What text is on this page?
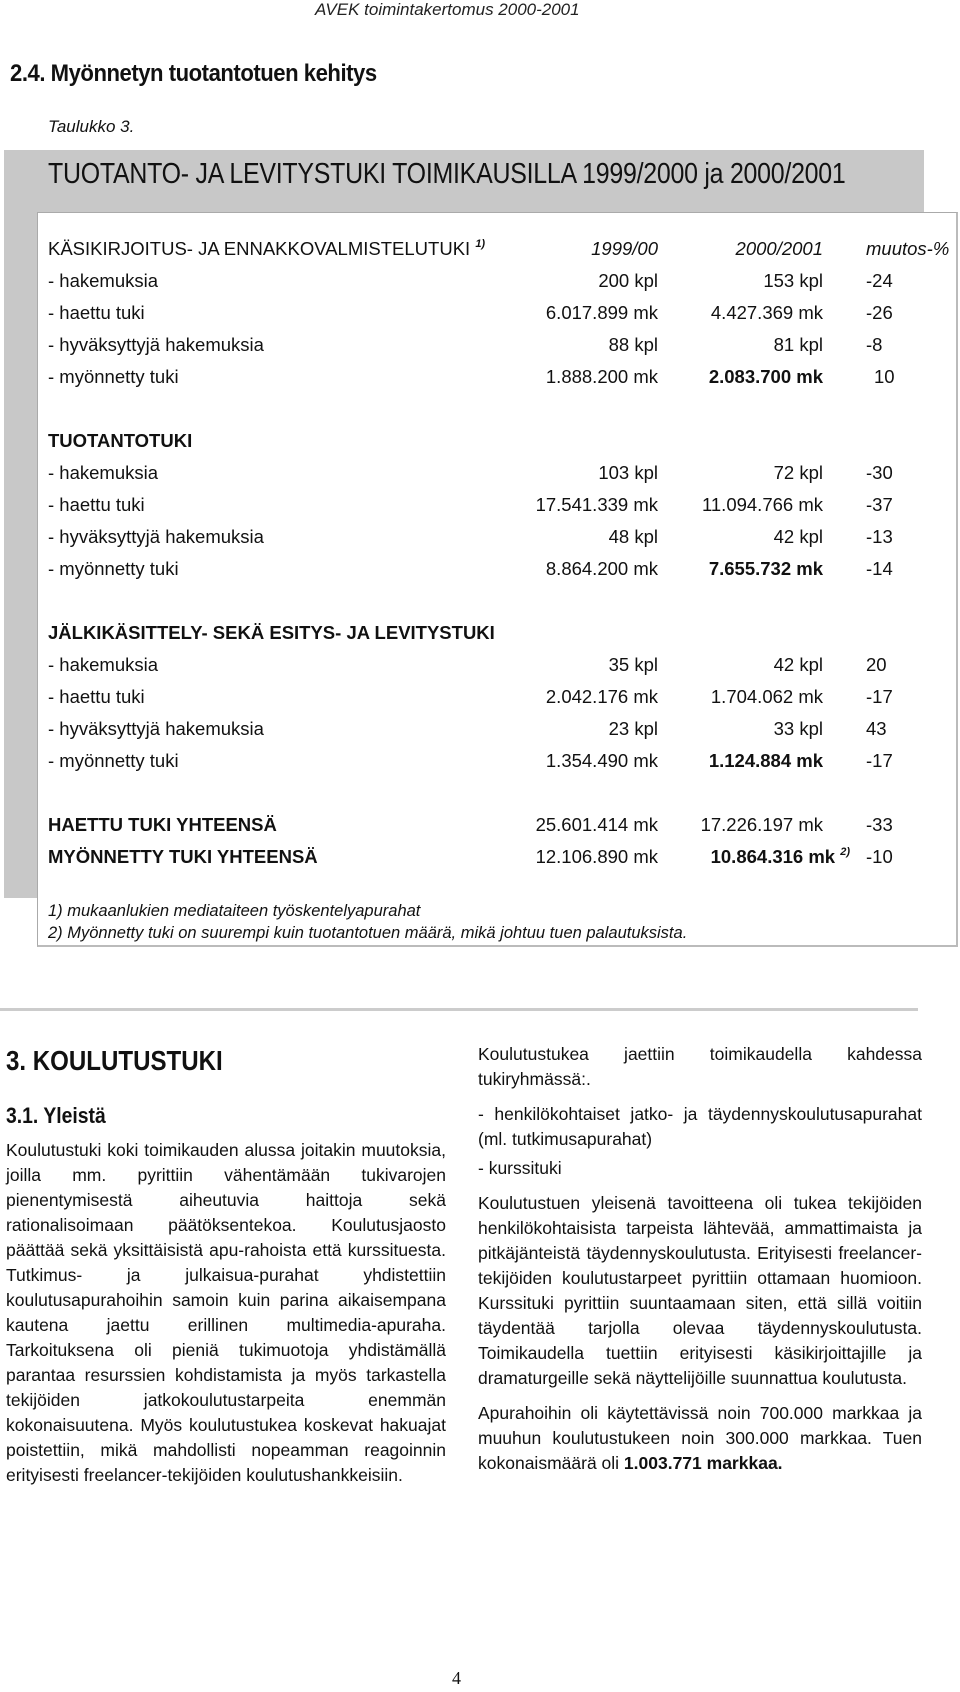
AVEK toimintakertomus 2000-2001
2.4. Myönnetyn tuotantotuen kehitys
Taulukko 3.
TUOTANTO- JA LEVITYSTUKI TOIMIKAUSILLA 1999/2000 ja 2000/2001
KÄSIKIRJOITUS- JA ENNAKKOVALMISTELUTUKI $^{1)}$	1999/00	2000/2001 muutos-%
- hakemuksia	200 kpl	153 kpl -24
- haettu tuki	6.017.899 mk	4.427.369 mk -26
- hyväksyttyjä hakemuksia	88 kpl	81 kpl -8
- myönnetty tuki	1.888.200 mk	2.083.700 mk	10
TUOTANTOTUKI
- hakemuksia	103 kpl	72 kpl -30
- haettu tuki	17.541.339 mk 11.094.766 mk -37
- hyväksyttyjä hakemuksia	48 kpl	42 kpl -13
- myönnetty tuki	8.864.200 mk	7.655.732 mk -14
JÄLKIKÄSITTELY- SEKÄ ESITYS- JA LEVITYSTUKI
- hakemuksia	35 kpl	42 kpl 20
- haettu tuki	2.042.176 mk	1.704.062 mk -17
- hyväksyttyjä hakemuksia	23 kpl	33 kpl 43
- myönnetty tuki	1.354.490 mk	1.124.884 mk -17
HAETTU TUKI YHTEENSÄ	25.601.414 mk 17.226.197 mk -33
MYÖNNETTY TUKI YHTEENSÄ	12.106.890 mk	10.864.316 mk $^{2)}$ -10
1) mukaanlukien mediataiteen työskentelyapurahat
2) Myönnetty tuki on suurempi kuin tuotantotuen määrä, mikä johtuu tuen palautuksista.
3. KOULUTUSTUKI
3.1. Yleistä

Koulutustuki koki toimikauden alussa joitakin muutoksia, joilla mm. pyrittiin vähentämään tukivarojen pienentymisestä aiheutuvia haittoja sekä rationalisoimaan päätöksentekoa. Koulutusjaosto päättää sekä yksittäisistä apu-rahoista että kurssituesta. Tutkimus- ja julkaisua-purahat yhdistettiin koulutusapurahoihin samoin kuin parina aikaisempana kautena jaettu erillinen multimedia-apuraha. Tarkoituksena oli pieniä tukimuotoja yhdistämällä parantaa resurssien kohdistamista ja myös tarkastella tekijöiden jatkokoulutustarpeita enemmän kokonaisuutena. Myös koulutustukea koskevat hakuajat poistettiin, mikä mahdollisti nopeamman reagoinnin erityisesti freelancer-tekijöiden koulutushankkeisiin.

Koulutustukea jaettiin toimikaudella kahdessa tukiryhmässä:.

- henkilökohtaiset jatko- ja täydennyskoulutusapurahat (ml. tutkimusapurahat)

- kurssituki

Koulutustuen yleisenä tavoitteena oli tukea tekijöiden henkilökohtaisista tarpeista lähtevää, ammattimaista ja pitkäjänteistä täydennyskoulutusta. Erityisesti freelancer-tekijöiden koulutustarpeet pyrittiin ottamaan huomioon. Kurssituki pyrittiin suuntaamaan siten, että sillä voitiin täydentää tarjolla olevaa täydennyskoulutusta. Toimikaudella tuettiin erityisesti käsikirjoittajille ja dramaturgeille sekä näyttelijöille suunnattua koulutusta.

Apurahoihin oli käytettävissä noin 700.000 markkaa ja muuhun koulutustukeen noin 300.000 markkaa. Tuen kokonaismäärä oli 1.003.771 markkaa.

4
